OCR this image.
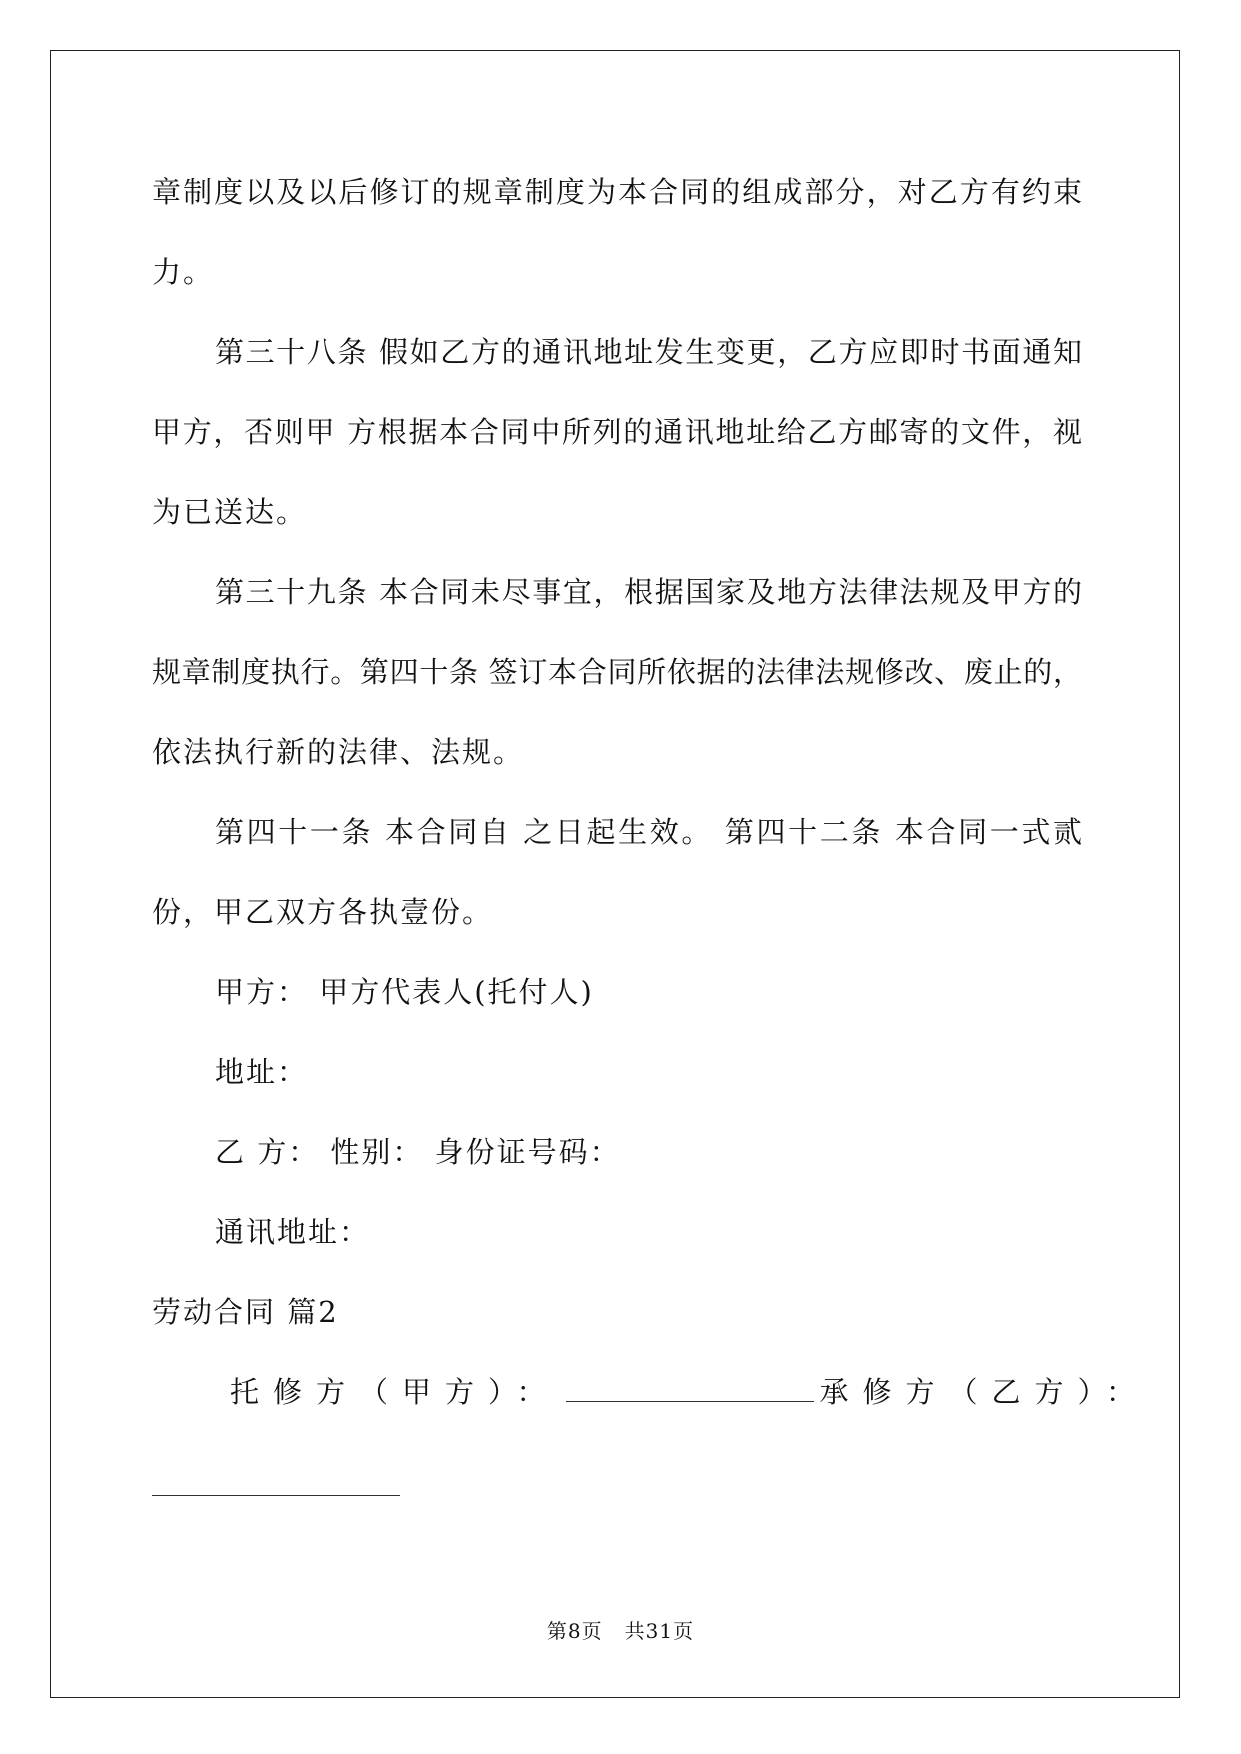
章制度以及以后修订的规章制度为本合同的组成部分，对乙方有约束
力。
第三十八条 假如乙方的通讯地址发生变更，乙方应即时书面通知
甲方，否则甲 方根据本合同中所列的通讯地址给乙方邮寄的文件，视
为已送达。
第三十九条 本合同未尽事宜，根据国家及地方法律法规及甲方的
规章制度执行。第四十条 签订本合同所依据的法律法规修改、废止的，
依法执行新的法律、法规。
第四十一条 本合同自 之日起生效。 第四十二条 本合同一式贰
份，甲乙双方各执壹份。
甲方： 甲方代表人(托付人)
地址：
乙 方： 性别： 身份证号码：
通讯地址：
劳动合同 篇2
托修方（甲方）：	承修方（乙方）：
第8页 共31页
